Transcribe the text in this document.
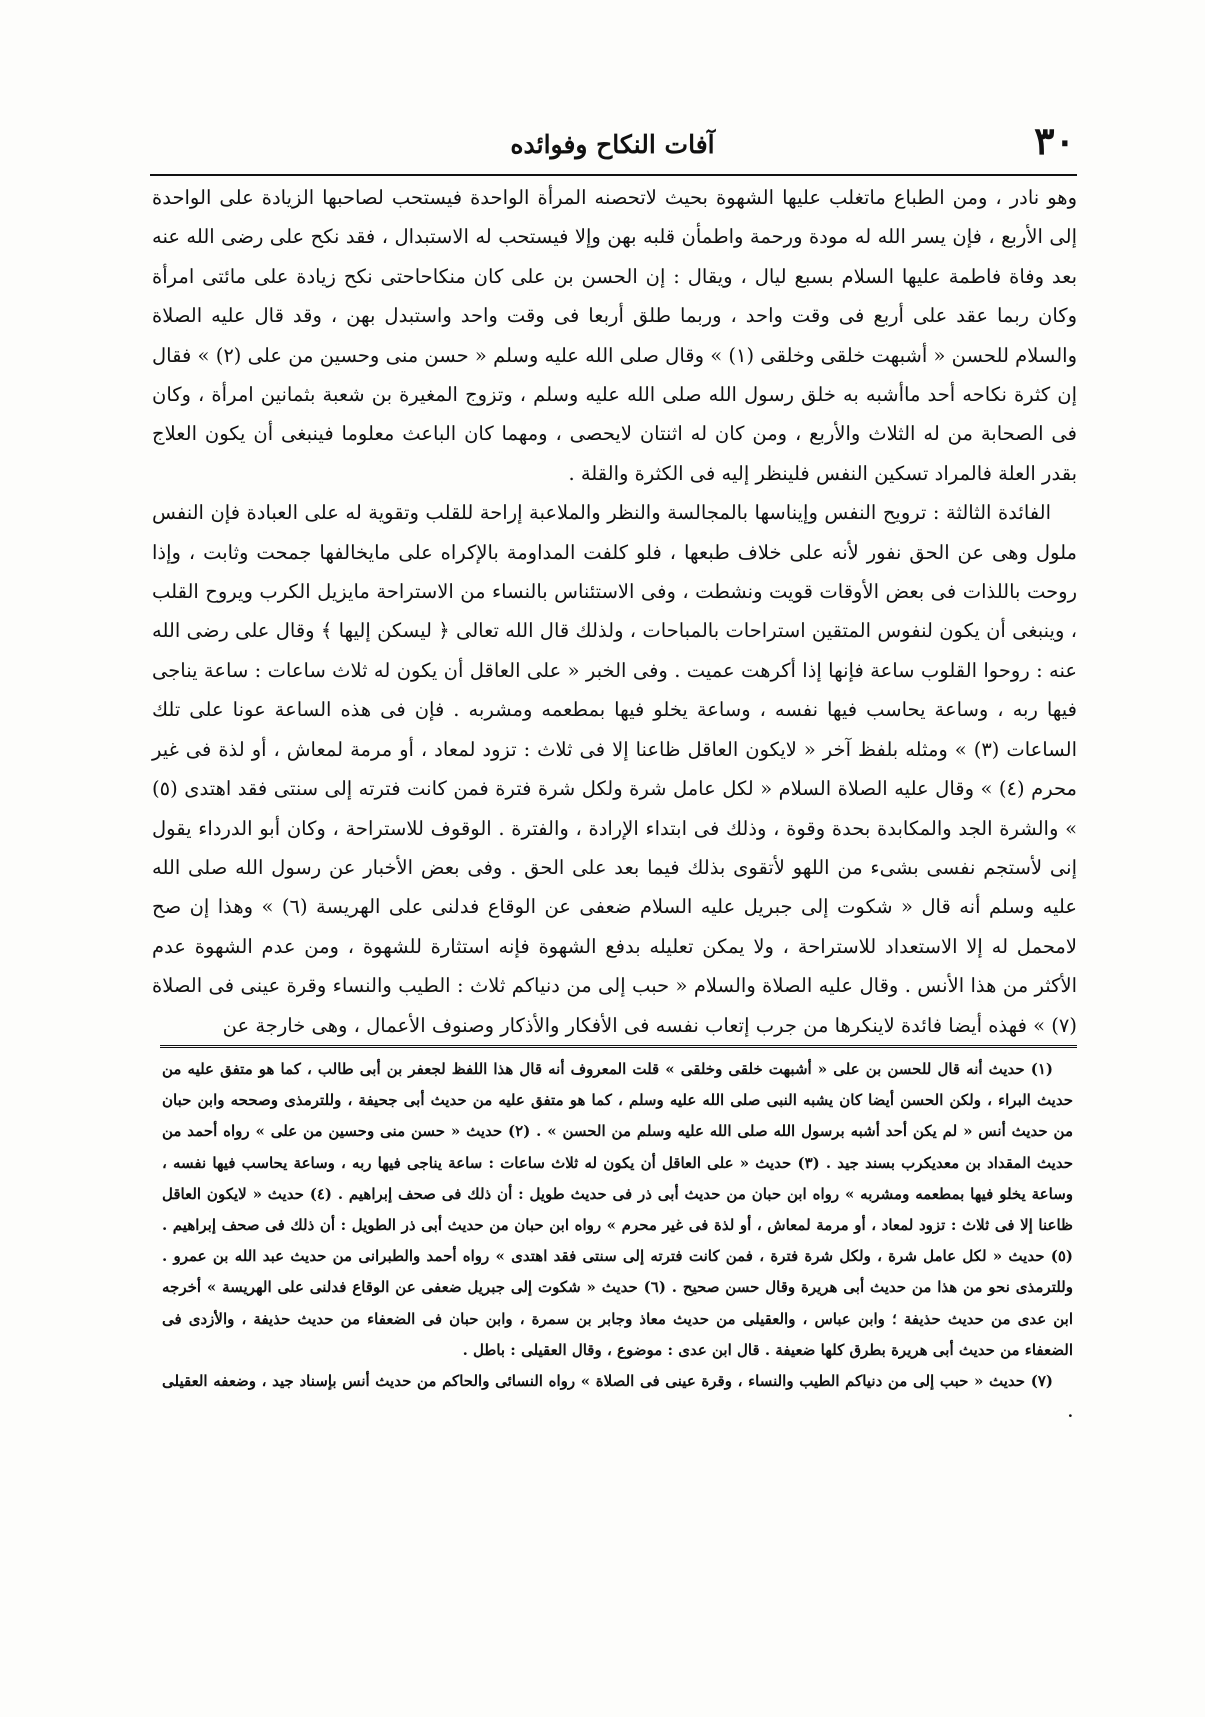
٣٠
آفات النكاح وفوائده

وهو نادر ، ومن الطباع ماتغلب عليها الشهوة بحيث لاتحصنه المرأة الواحدة فيستحب لصاحبها الزيادة على الواحدة إلى الأربع ، فإن يسر الله له مودة ورحمة واطمأن قلبه بهن وإلا فيستحب له الاستبدال ، فقد نكح على رضى الله عنه بعد وفاة فاطمة عليها السلام بسبع ليال ، ويقال : إن الحسن بن على كان منكاحاحتى نكح زيادة على مائتى امرأة وكان ربما عقد على أربع فى وقت واحد ، وربما طلق أربعا فى وقت واحد واستبدل بهن ، وقد قال عليه الصلاة والسلام للحسن « أشبهت خلقى وخلقى (١) » وقال صلى الله عليه وسلم « حسن منى وحسين من على (٢) » فقال إن كثرة نكاحه أحد ماأشبه به خلق رسول الله صلى الله عليه وسلم ، وتزوج المغيرة بن شعبة بثمانين امرأة ، وكان فى الصحابة من له الثلاث والأربع ، ومن كان له اثنتان لايحصى ، ومهما كان الباعث معلوما فينبغى أن يكون العلاج بقدر العلة فالمراد تسكين النفس فلينظر إليه فى الكثرة والقلة .

الفائدة الثالثة : ترويح النفس وإيناسها بالمجالسة والنظر والملاعبة إراحة للقلب وتقوية له على العبادة فإن النفس ملول وهى عن الحق نفور لأنه على خلاف طبعها ، فلو كلفت المداومة بالإكراه على مايخالفها جمحت وثابت ، وإذا روحت باللذات فى بعض الأوقات قويت ونشطت ، وفى الاستئناس بالنساء من الاستراحة مايزيل الكرب ويروح القلب ، وينبغى أن يكون لنفوس المتقين استراحات بالمباحات ، ولذلك قال الله تعالى ﴿ ليسكن إليها ﴾ وقال على رضى الله عنه : روحوا القلوب ساعة فإنها إذا أكرهت عميت . وفى الخبر « على العاقل أن يكون له ثلاث ساعات : ساعة يناجى فيها ربه ، وساعة يحاسب فيها نفسه ، وساعة يخلو فيها بمطعمه ومشربه . فإن فى هذه الساعة عونا على تلك الساعات (٣) » ومثله بلفظ آخر « لايكون العاقل ظاعنا إلا فى ثلاث : تزود لمعاد ، أو مرمة لمعاش ، أو لذة فى غير محرم (٤) » وقال عليه الصلاة السلام « لكل عامل شرة ولكل شرة فترة فمن كانت فترته إلى سنتى فقد اهتدى (٥) » والشرة الجد والمكابدة بحدة وقوة ، وذلك فى ابتداء الإرادة ، والفترة . الوقوف للاستراحة ، وكان أبو الدرداء يقول إنى لأستجم نفسى بشىء من اللهو لأتقوى بذلك فيما بعد على الحق . وفى بعض الأخبار عن رسول الله صلى الله عليه وسلم أنه قال « شكوت إلى جبريل عليه السلام ضعفى عن الوقاع فدلنى على الهريسة (٦) » وهذا إن صح لامحمل له إلا الاستعداد للاستراحة ، ولا يمكن تعليله بدفع الشهوة فإنه استثارة للشهوة ، ومن عدم الشهوة عدم الأكثر من هذا الأنس . وقال عليه الصلاة والسلام « حبب إلى من دنياكم ثلاث : الطيب والنساء وقرة عينى فى الصلاة (٧) » فهذه أيضا فائدة لاينكرها من جرب إتعاب نفسه فى الأفكار والأذكار وصنوف الأعمال ، وهى خارجة عن

(١) حديث أنه قال للحسن بن على « أشبهت خلقى وخلقى » قلت المعروف أنه قال هذا اللفظ لجعفر بن أبى طالب ، كما هو متفق عليه من حديث البراء ، ولكن الحسن أيضا كان يشبه النبى صلى الله عليه وسلم ، كما هو متفق عليه من حديث أبى جحيفة ، وللترمذى وصححه وابن حبان من حديث أنس « لم يكن أحد أشبه برسول الله صلى الله عليه وسلم من الحسن » . (٢) حديث « حسن منى وحسين من على » رواه أحمد من حديث المقداد بن معديكرب بسند جيد . (٣) حديث « على العاقل أن يكون له ثلاث ساعات : ساعة يناجى فيها ربه ، وساعة يحاسب فيها نفسه ، وساعة يخلو فيها بمطعمه ومشربه » رواه ابن حبان من حديث أبى ذر فى حديث طويل : أن ذلك فى صحف إبراهيم . (٤) حديث « لايكون العاقل ظاعنا إلا فى ثلاث : تزود لمعاد ، أو مرمة لمعاش ، أو لذة فى غير محرم » رواه ابن حبان من حديث أبى ذر الطويل : أن ذلك فى صحف إبراهيم . (٥) حديث « لكل عامل شرة ، ولكل شرة فترة ، فمن كانت فترته إلى سنتى فقد اهتدى » رواه أحمد والطبرانى من حديث عبد الله بن عمرو . وللترمذى نحو من هذا من حديث أبى هريرة وقال حسن صحيح . (٦) حديث « شكوت إلى جبريل ضعفى عن الوقاع فدلنى على الهريسة » أخرجه ابن عدى من حديث حذيفة ؛ وابن عباس ، والعقيلى من حديث معاذ وجابر بن سمرة ، وابن حبان فى الضعفاء من حديث حذيفة ، والأزدى فى الضعفاء من حديث أبى هريرة بطرق كلها ضعيفة . قال ابن عدى : موضوع ، وقال العقيلى : باطل .

(٧) حديث « حبب إلى من دنياكم الطيب والنساء ، وقرة عينى فى الصلاة » رواه النسائى والحاكم من حديث أنس بإسناد جيد ، وضعفه العقيلى .
